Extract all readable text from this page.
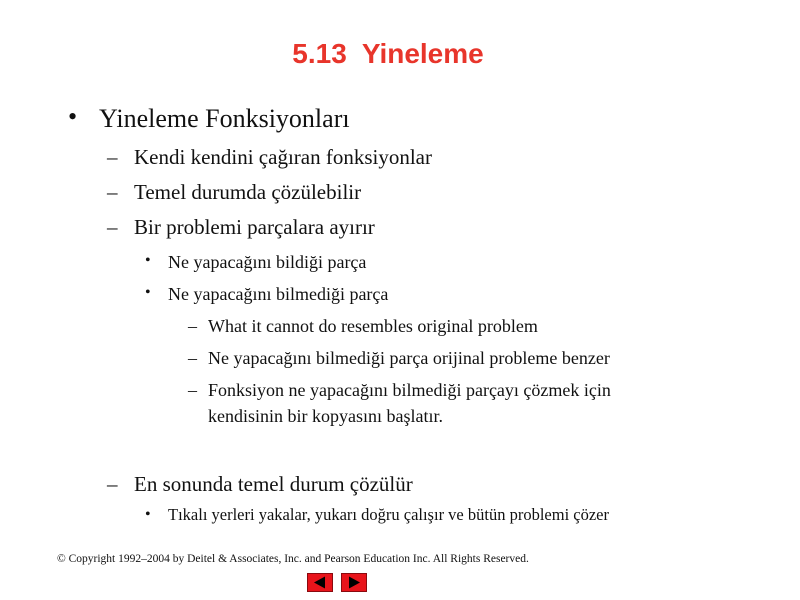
5.13  Yineleme
• Yineleme Fonksiyonları
– Kendi kendini çağıran fonksiyonlar
– Temel durumda çözülebilir
– Bir problemi parçalara ayırır
• Ne yapacağını bildiği parça
• Ne yapacağını bilmediği parça
– What it cannot do resembles original problem
– Ne yapacağını bilmediği parça orijinal probleme benzer
– Fonksiyon ne yapacağını bilmediği parçayı çözmek için
kendisinin bir kopyasını başlatır.
– En sonunda temel durum çözülür
• Tıkalı yerleri yakalar, yukarı doğru çalışır ve bütün problemi çözer
© Copyright 1992–2004 by Deitel & Associates, Inc. and Pearson Education Inc. All Rights Reserved.
